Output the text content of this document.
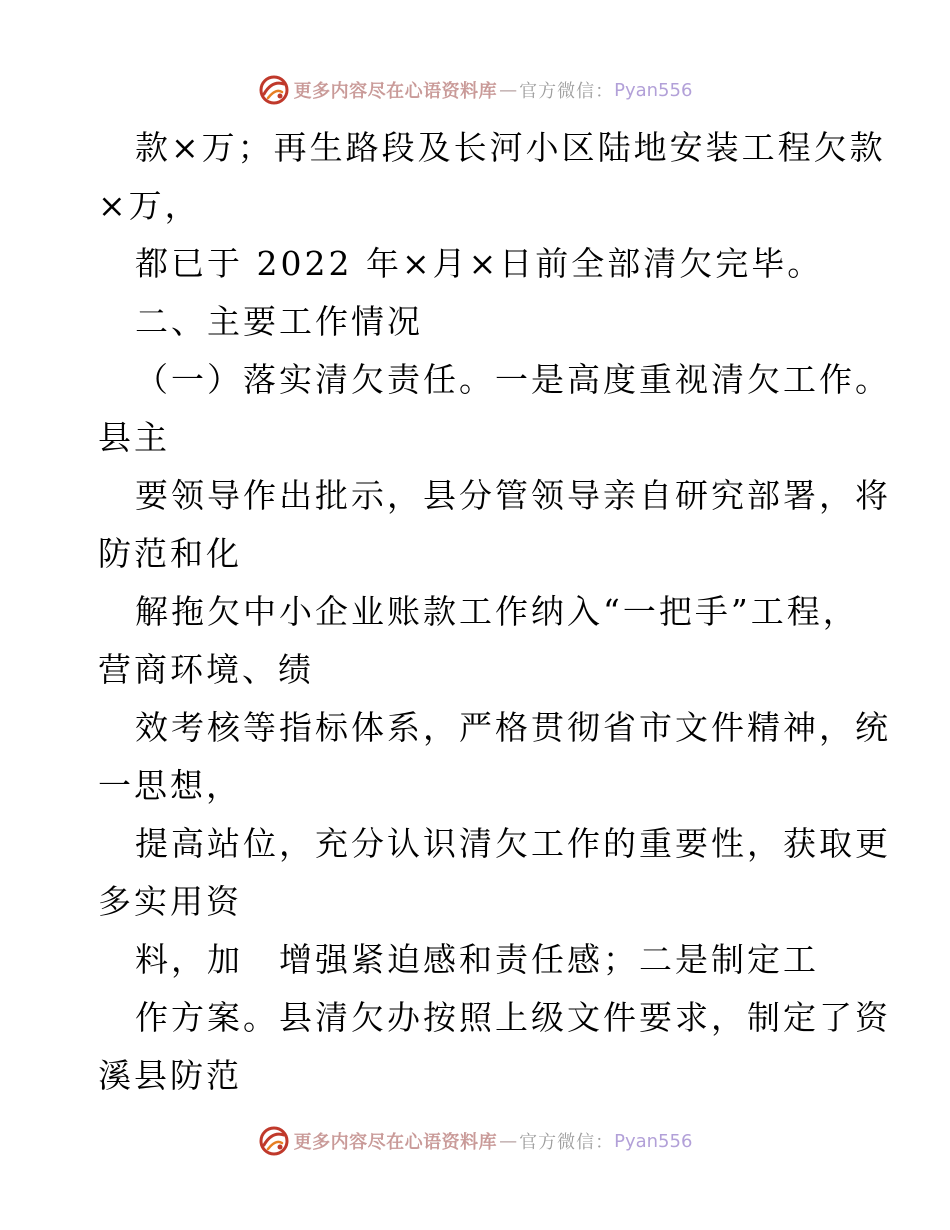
更多内容尽在心语资料库 — 官方微信： Pyan556
款×万；再生路段及长河小区陆地安装工程欠款
×万，
都已于 2022 年×月×日前全部清欠完毕。
二、主要工作情况
（一）落实清欠责任。一是高度重视清欠工作。
县主
要领导作出批示，县分管领导亲自研究部署，将
防范和化
解拖欠中小企业账款工作纳入“一把手”工程，
营商环境、绩
效考核等指标体系，严格贯彻省市文件精神，统
一思想，
提高站位，充分认识清欠工作的重要性，获取更
多实用资
料，加　增强紧迫感和责任感；二是制定工
作方案。县清欠办按照上级文件要求，制定了资
溪县防范
更多内容尽在心语资料库 — 官方微信： Pyan556
